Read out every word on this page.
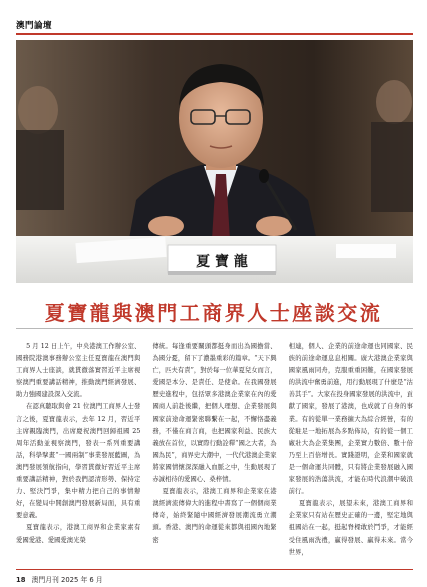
澳門論壇
夏 寶 龍
夏寶龍與澳門工商界人士座談交流

5 月 12 日上午，中央港澳工作辦公室、國務院港澳事務辦公室主任夏寶龍在澳門與工商界人士座談，就貫徹落實習近平主席視察澳門重要講話精神，推動澳門經濟發展、助力強國建設深入交流。

在認真聽取與會 21 位澳門工商界人士發言之後，夏寶龍表示，去年 12 月，習近平主席親臨澳門，出席慶祝澳門回歸祖國 25 周年活動並視察澳門，發表一系列重要講話，科學擘畫“一國兩制”事業發展藍圖，為澳門發展領航指向，學習貫徹好習近平主席重要講話精神，對於我們認清形勢、保持定力、堅決鬥爭，集中精力把自己的事情辦好，在變局中開創澳門發展新局面，具有重要意義。

夏寶龍表示，港澳工商界和企業家素有愛國愛港、愛國愛澳光榮

傳統。每逢重要關頭都挺身而出為國擔當、為國分憂，留下了濃墨重彩的篇章。“天下興亡，匹夫有責”，對於每一位華夏兒女而言，愛國是本分、是責任、是使命。在我國發展歷史進程中，包括眾多港澳企業家在內的愛國商人前赴後繼，把個人理想、企業發展與國家前途命運緊密聯繫在一起，不懈恪盡義務，不僅在商言商，也把國家利益、民族大義放在首位，以實際行動詮釋“國之大者，為國為民”，商界史大潮中，一代代港澳企業家將家國情懷深深融入血脈之中，生動展現了赤誠相待的愛國心、桑梓情。

夏寶龍表示，港澳工商界和企業家在港澳經濟流傳偉大的進程中書寫了一個個商業傳奇，始終緊隨中國經濟發展潮流勇立潮頭。香港、澳門的命運從來都與祖國內地緊密

相連，個人、企業的前途命運也同國家、民族的前途命運息息相關。廣大港澳企業家與國家風雨同舟，克服重重困難，在國家發展的洪流中奮勇前進，用行動展現了什麼是“沽善其手”。大家在投身國家發展的洪流中，貢獻了國家，發展了港澳，也成就了自身的事業。有的從單一業務擴大為綜合經營，有的從駐足一地拓展為多點佈局，有的從一個工廠壯大為企業集團，企業實力數倍、數十倍乃至上百倍增長。實踐證明，企業和國家就是一個命運共同體，只有將企業發展融入國家發展的浩蕩洪流，才能在時代浪潮中破浪前行。

夏寶龍表示，展望未來，港澳工商界和企業家只有站在歷史正確的一邊，堅定地與祖國站在一起，挺起脊樑敢於鬥爭，才能經受住風雨洗禮，贏得發展、贏得未來。當今世界，

18 澳門月刊 2025 年 6 月
